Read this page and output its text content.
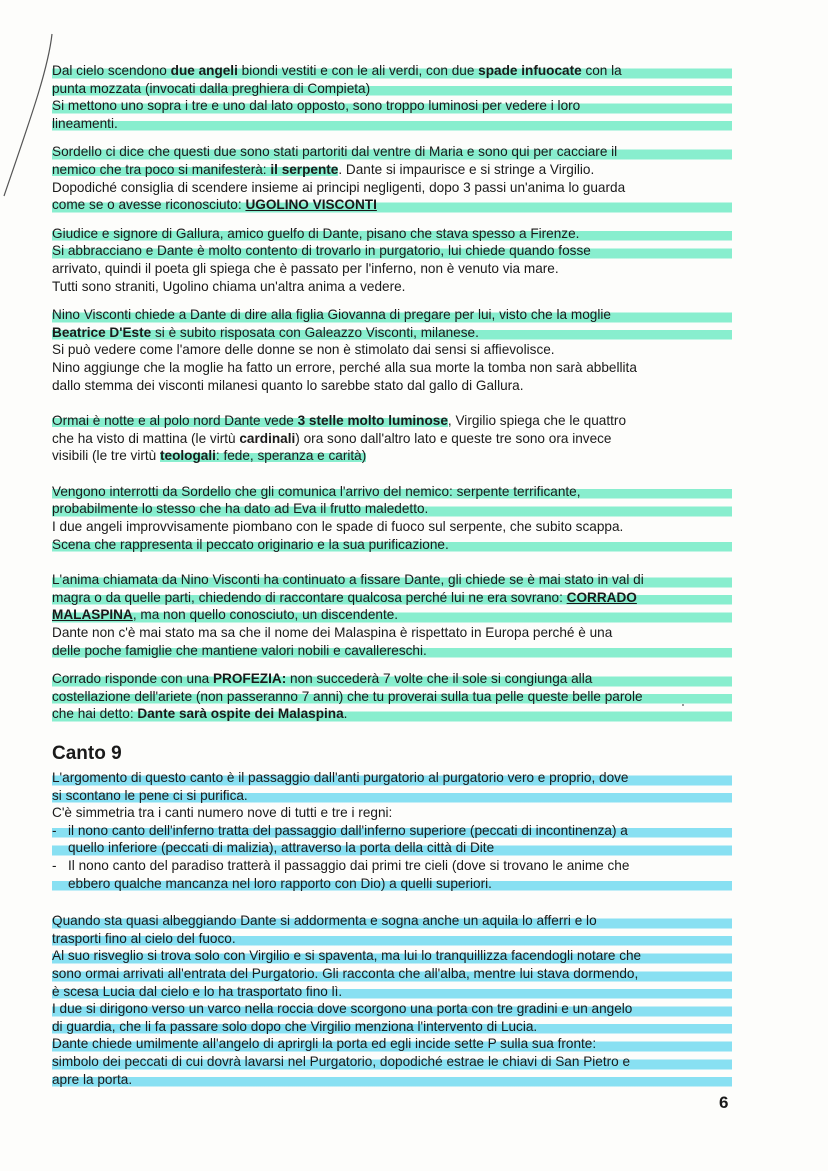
Dal cielo scendono due angeli biondi vestiti e con le ali verdi, con due spade infuocate con la
punta mozzata (invocati dalla preghiera di Compieta)
Si mettono uno sopra i tre e uno dal lato opposto, sono troppo luminosi per vedere i loro
lineamenti.
Sordello ci dice che questi due sono stati partoriti dal ventre di Maria e sono qui per cacciare il
nemico che tra poco si manifesterà: il serpente. Dante si impaurisce e si stringe a Virgilio.
Dopodiché consiglia di scendere insieme ai principi negligenti, dopo 3 passi un'anima lo guarda
come se o avesse riconosciuto: UGOLINO VISCONTI
Giudice e signore di Gallura, amico guelfo di Dante, pisano che stava spesso a Firenze.
Si abbracciano e Dante è molto contento di trovarlo in purgatorio, lui chiede quando fosse
arrivato, quindi il poeta gli spiega che è passato per l'inferno, non è venuto via mare.
Tutti sono straniti, Ugolino chiama un'altra anima a vedere.
Nino Visconti chiede a Dante di dire alla figlia Giovanna di pregare per lui, visto che la moglie
Beatrice D'Este si è subito risposata con Galeazzo Visconti, milanese.
Si può vedere come l'amore delle donne se non è stimolato dai sensi si affievolisce.
Nino aggiunge che la moglie ha fatto un errore, perché alla sua morte la tomba non sarà abbellita
dallo stemma dei visconti milanesi quanto lo sarebbe stato dal gallo di Gallura.
Ormai è notte e al polo nord Dante vede 3 stelle molto luminose, Virgilio spiega che le quattro
che ha visto di mattina (le virtù cardinali) ora sono dall'altro lato e queste tre sono ora invece
visibili (le tre virtù teologali: fede, speranza e carità)
Vengono interrotti da Sordello che gli comunica l'arrivo del nemico: serpente terrificante,
probabilmente lo stesso che ha dato ad Eva il frutto maledetto.
I due angeli improvvisamente piombano con le spade di fuoco sul serpente, che subito scappa.
Scena che rappresenta il peccato originario e la sua purificazione.
L'anima chiamata da Nino Visconti ha continuato a fissare Dante, gli chiede se è mai stato in val di
magra o da quelle parti, chiedendo di raccontare qualcosa perché lui ne era sovrano: CORRADO
MALASPINA, ma non quello conosciuto, un discendente.
Dante non c'è mai stato ma sa che il nome dei Malaspina è rispettato in Europa perché è una
delle poche famiglie che mantiene valori nobili e cavallereschi.
Corrado risponde con una PROFEZIA: non succederà 7 volte che il sole si congiunga alla
costellazione dell'ariete (non passeranno 7 anni) che tu proverai sulla tua pelle queste belle parole
che hai detto: Dante sarà ospite dei Malaspina.
Canto 9
L'argomento di questo canto è il passaggio dall'anti purgatorio al purgatorio vero e proprio, dove
si scontano le pene ci si purifica.
C'è simmetria tra i canti numero nove di tutti e tre i regni:
- il nono canto dell'inferno tratta del passaggio dall'inferno superiore (peccati di incontinenza) a
quello inferiore (peccati di malizia), attraverso la porta della città di Dite
- Il nono canto del paradiso tratterà il passaggio dai primi tre cieli (dove si trovano le anime che
ebbero qualche mancanza nel loro rapporto con Dio) a quelli superiori.
Quando sta quasi albeggiando Dante si addormenta e sogna anche un aquila lo afferri e lo
trasporti fino al cielo del fuoco.
Al suo risveglio si trova solo con Virgilio e si spaventa, ma lui lo tranquillizza facendogli notare che
sono ormai arrivati all'entrata del Purgatorio. Gli racconta che all'alba, mentre lui stava dormendo,
è scesa Lucia dal cielo e lo ha trasportato fino lì.
I due si dirigono verso un varco nella roccia dove scorgono una porta con tre gradini e un angelo
di guardia, che li fa passare solo dopo che Virgilio menziona l'intervento di Lucia.
Dante chiede umilmente all'angelo di aprirgli la porta ed egli incide sette P sulla sua fronte:
simbolo dei peccati di cui dovrà lavarsi nel Purgatorio, dopodiché estrae le chiavi di San Pietro e
apre la porta.
6
